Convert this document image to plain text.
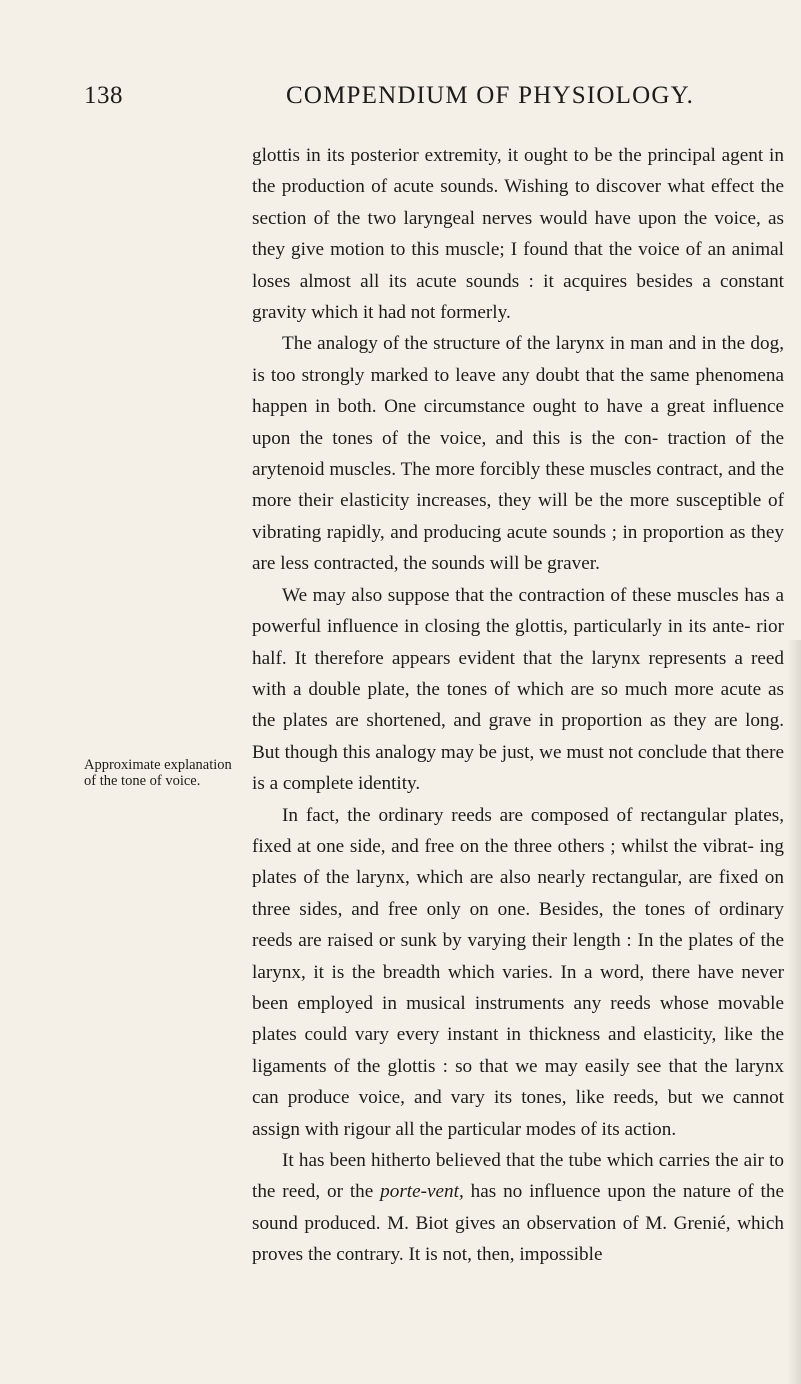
138	COMPENDIUM OF PHYSIOLOGY.
Approximate explanation of the tone of voice.

glottis in its posterior extremity, it ought to be the principal agent in the production of acute sounds. Wishing to discover what effect the section of the two laryngeal nerves would have upon the voice, as they give motion to this muscle; I found that the voice of an animal loses almost all its acute sounds : it acquires besides a constant gravity which it had not formerly.

The analogy of the structure of the larynx in man and in the dog, is too strongly marked to leave any doubt that the same phenomena happen in both. One circumstance ought to have a great influence upon the tones of the voice, and this is the con- traction of the arytenoid muscles. The more forcibly these muscles contract, and the more their elasticity increases, they will be the more susceptible of vibrating rapidly, and producing acute sounds ; in proportion as they are less contracted, the sounds will be graver.

We may also suppose that the contraction of these muscles has a powerful influence in closing the glottis, particularly in its ante- rior half. It therefore appears evident that the larynx represents a reed with a double plate, the tones of which are so much more acute as the plates are shortened, and grave in proportion as they are long. But though this analogy may be just, we must not conclude that there is a complete identity.

In fact, the ordinary reeds are composed of rectangular plates, fixed at one side, and free on the three others ; whilst the vibrat- ing plates of the larynx, which are also nearly rectangular, are fixed on three sides, and free only on one. Besides, the tones of ordinary reeds are raised or sunk by varying their length : In the plates of the larynx, it is the breadth which varies. In a word, there have never been employed in musical instruments any reeds whose movable plates could vary every instant in thickness and elasticity, like the ligaments of the glottis : so that we may easily see that the larynx can produce voice, and vary its tones, like reeds, but we cannot assign with rigour all the particular modes of its action.

It has been hitherto believed that the tube which carries the air to the reed, or the porte-vent, has no influence upon the nature of the sound produced. M. Biot gives an observation of M. Grenié, which proves the contrary. It is not, then, impossible
